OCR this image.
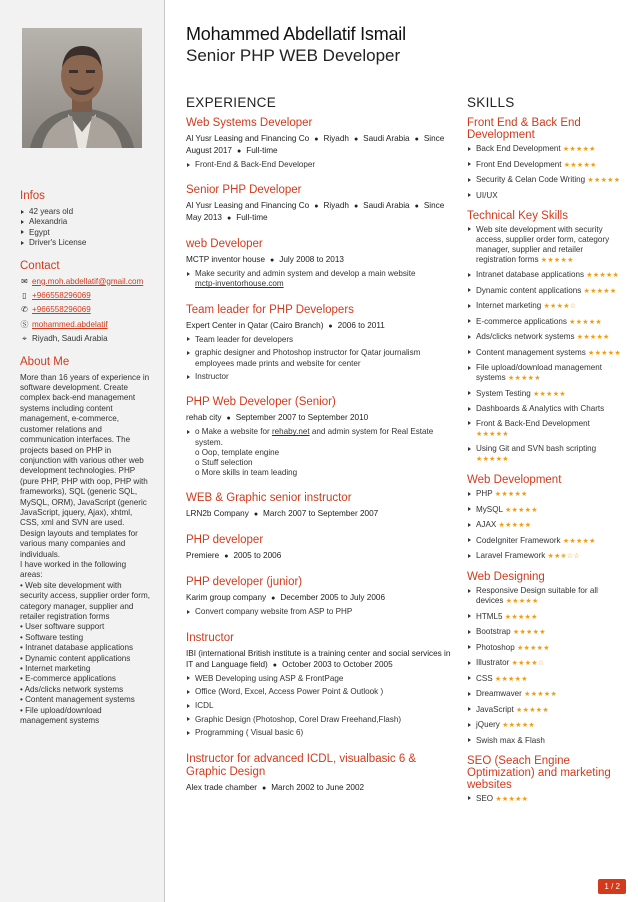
Infos
42 years old
Alexandria
Egypt
Driver's License
Contact
✉ eng.moh.abdellatif@gmail.com
▯ +966558296069
✆ +966558296069
Ⓢ mohammed.abdelatif
⌖ Riyadh, Saudi Arabia
About Me

More than 16 years of experience in software development. Create complex back-end management systems including content management, e-commerce, customer relations and communication interfaces. The projects based on PHP in conjunction with various other web development technologies. PHP (pure PHP, PHP with oop, PHP with frameworks), SQL (generic SQL, MySQL, ORM), JavaScript (generic JavaScript, jquery, Ajax), xhtml, CSS, xml and SVN are used. Design layouts and templates for various many companies and individuals.

I have worked in the following areas:

• Web site development with security access, supplier order form, category manager, supplier and retailer registration forms

• User software support

• Software testing

• Intranet database applications

• Dynamic content applications

• Internet marketing

• E-commerce applications

• Ads/clicks network systems

• Content management systems

• File upload/download management systems

Mohammed Abdellatif Ismail
Senior PHP WEB Developer
EXPERIENCE
Web Systems Developer
Al Yusr Leasing and Financing Co ● Riyadh ● Saudi Arabia ● Since August 2017 ● Full-time
Front-End & Back-End Developer
Senior PHP Developer
Al Yusr Leasing and Financing Co ● Riyadh ● Saudi Arabia ● Since May 2013 ● Full-time
web Developer
MCTP inventor house ● July 2008 to 2013
Make security and admin system and develop a main website
mctp-inventorhouse.com
Team leader for PHP Developers
Expert Center in Qatar (Cairo Branch) ● 2006 to 2011
Team leader for developers
graphic designer and Photoshop instructor for Qatar journalism employees made prints and website for center
Instructor
PHP Web Developer (Senior)
rehab city ● September 2007 to September 2010
o Make a website for rehaby.net and admin system for Real Estate system.
o Oop, template engine
o Stuff selection
o More skills in team leading
WEB & Graphic senior instructor
LRN2b Company ● March 2007 to September 2007
PHP developer
Premiere ● 2005 to 2006
PHP developer (junior)
Karim group company ● December 2005 to July 2006
Convert company website from ASP to PHP
Instructor
IBI (international British institute is a training center and social services in IT and Language field) ● October 2003 to October 2005
WEB Developing using ASP & FrontPage
Office (Word, Excel, Access Power Point & Outlook )
ICDL
Graphic Design (Photoshop, Corel Draw Freehand,Flash)
Programming ( Visual basic 6)
Instructor for advanced ICDL, visualbasic 6 & Graphic Design
Alex trade chamber ● March 2002 to June 2002
SKILLS
Front End & Back End Development
Back End Development ★★★★★
Front End Development ★★★★★
Security & Celan Code Writing ★★★★★
UI/UX
Technical Key Skills
Web site development with security access, supplier order form, category manager, supplier and retailer registration forms ★★★★★
Intranet database applications ★★★★★
Dynamic content applications ★★★★★
Internet marketing ★★★★☆
E-commerce applications ★★★★★
Ads/clicks network systems ★★★★★
Content management systems ★★★★★
File upload/download management systems ★★★★★
System Testing ★★★★★
Dashboards & Analytics with Charts
Front & Back-End Development ★★★★★
Using Git and SVN bash scripting ★★★★★
Web Development
PHP ★★★★★
MySQL ★★★★★
AJAX ★★★★★
CodeIgniter Framework ★★★★★
Laravel Framework ★★✬☆☆
Web Designing
Responsive Design suitable for all devices ★★★★★
HTML5 ★★★★★
Bootstrap ★★★★★
Photoshop ★★★★★
Illustrator ★★★★☆
CSS ★★★★★
Dreamwaver ★★★★★
JavaScript ★★★★★
jQuery ★★★★★
Swish max & Flash
SEO (Seach Engine Optimization) and marketing websites
SEO ★★★★★
1 / 2
